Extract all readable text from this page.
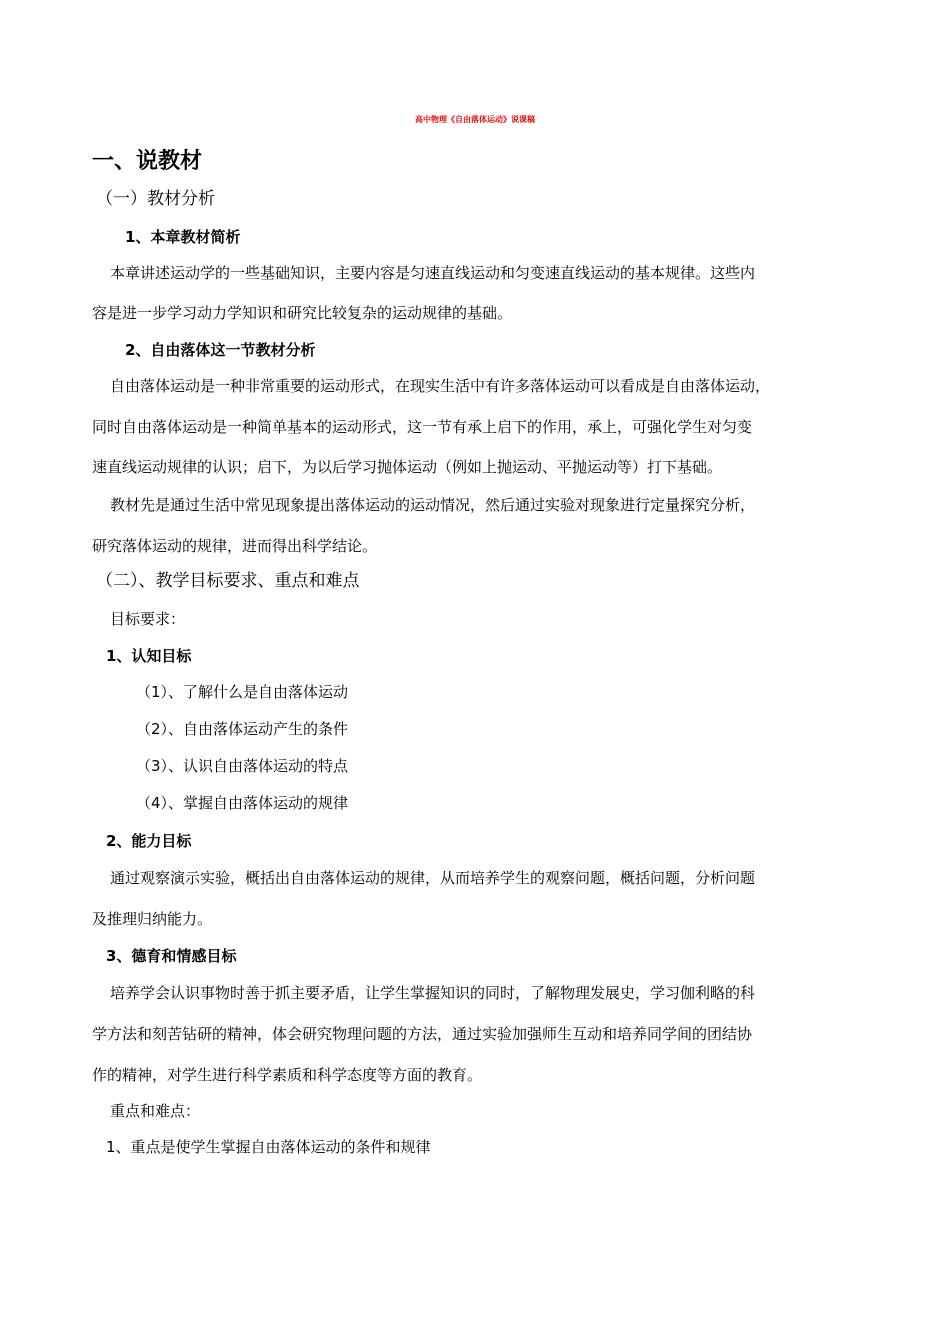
高中物理《自由落体运动》说课稿
一、说教材
（一）教材分析
1、本章教材简析
本章讲述运动学的一些基础知识，主要内容是匀速直线运动和匀变速直线运动的基本规律。这些内
容是进一步学习动力学知识和研究比较复杂的运动规律的基础。
2、自由落体这一节教材分析
自由落体运动是一种非常重要的运动形式，在现实生活中有许多落体运动可以看成是自由落体运动，
同时自由落体运动是一种简单基本的运动形式，这一节有承上启下的作用，承上，可强化学生对匀变
速直线运动规律的认识；启下，为以后学习抛体运动（例如上抛运动、平抛运动等）打下基础。
教材先是通过生活中常见现象提出落体运动的运动情况，然后通过实验对现象进行定量探究分析，
研究落体运动的规律，进而得出科学结论。
（二）、教学目标要求、重点和难点
目标要求：
1、认知目标
（1）、了解什么是自由落体运动
（2）、自由落体运动产生的条件
（3）、认识自由落体运动的特点
（4）、掌握自由落体运动的规律
2、能力目标
通过观察演示实验，概括出自由落体运动的规律，从而培养学生的观察问题，概括问题，分析问题
及推理归纳能力。
3、德育和情感目标
培养学会认识事物时善于抓主要矛盾，让学生掌握知识的同时，了解物理发展史，学习伽利略的科
学方法和刻苦钻研的精神，体会研究物理问题的方法，通过实验加强师生互动和培养同学间的团结协
作的精神，对学生进行科学素质和科学态度等方面的教育。
重点和难点：
1、重点是使学生掌握自由落体运动的条件和规律
